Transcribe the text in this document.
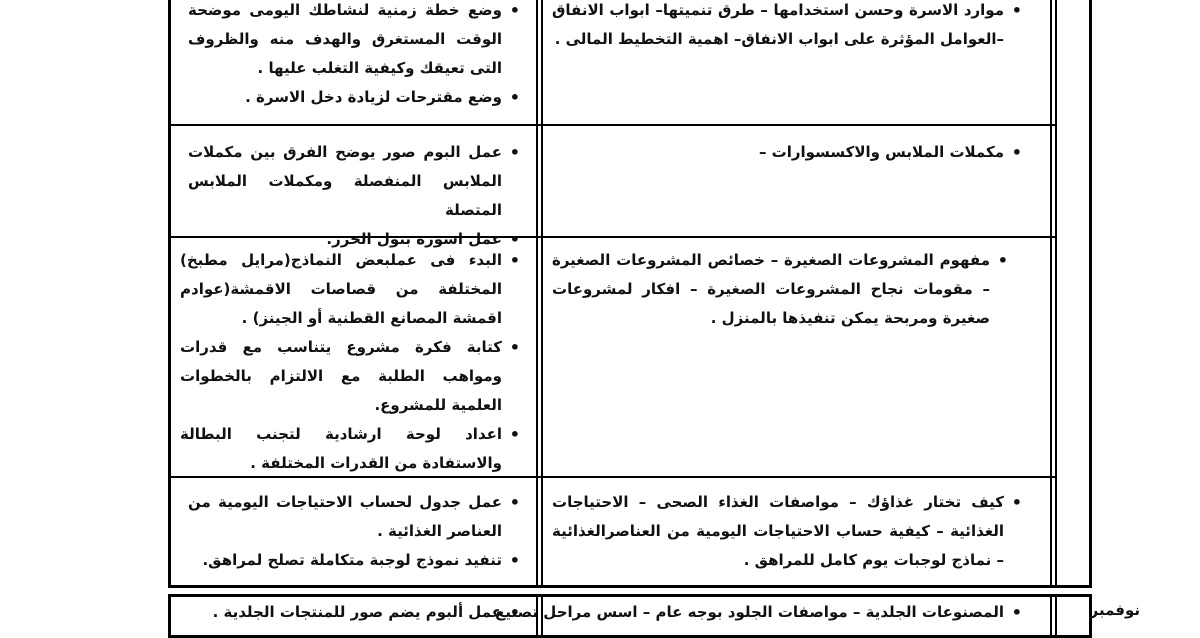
• موارد الاسرة وحسن استخدامها – طرق تنميتها– ابواب الانفاق –العوامل المؤثرة على ابواب الانفاق– اهمية التخطيط المالى .
• وضع خطة زمنية لنشاطك اليومى موضحة الوقت المستغرق والهدف منه والظروف التى تعيقك وكيفية التغلب عليها .
• وضع مقترحات لزيادة دخل الاسرة .
• مكملات الملابس والاكسسوارات –
• عمل البوم صور يوضح الفرق بين مكملات الملابس المنفصلة ومكملات الملابس المتصلة
• عمل اسورة بنول الخرز.
• مفهوم المشروعات الصغيرة – خصائص المشروعات الصغيرة – مقومات نجاح المشروعات الصغيرة – افكار لمشروعات صغيرة ومربحة يمكن تنفيذها بالمنزل .
• البدء فى عملبعض النماذج(مرايل مطبخ) المختلفة من قصاصات الاقمشة(عوادم اقمشة المصانع القطنية أو الجينز) .
• كتابة فكرة مشروع يتناسب مع قدرات ومواهب الطلبة مع الالتزام بالخطوات العلمية للمشروع.
• اعداد لوحة ارشادية لتجنب البطالة والاستفادة من القدرات المختلفة .
• كيف تختار غذاؤك – مواصفات الغذاء الصحى – الاحتياجات الغذائية – كيفية حساب الاحتياجات اليومية من العناصرالغذائية – نماذج لوجبات يوم كامل للمراهق .
• عمل جدول لحساب الاحتياجات اليومية من العناصر الغذائية .
• تنفيد نموذج لوجبة متكاملة تصلح لمراهق.
نوفمبر
• المصنوعات الجلدية – مواصفات الجلود بوجه عام – اسس مراحل تصنيع
• عمل ألبوم يضم صور للمنتجات الجلدية .
